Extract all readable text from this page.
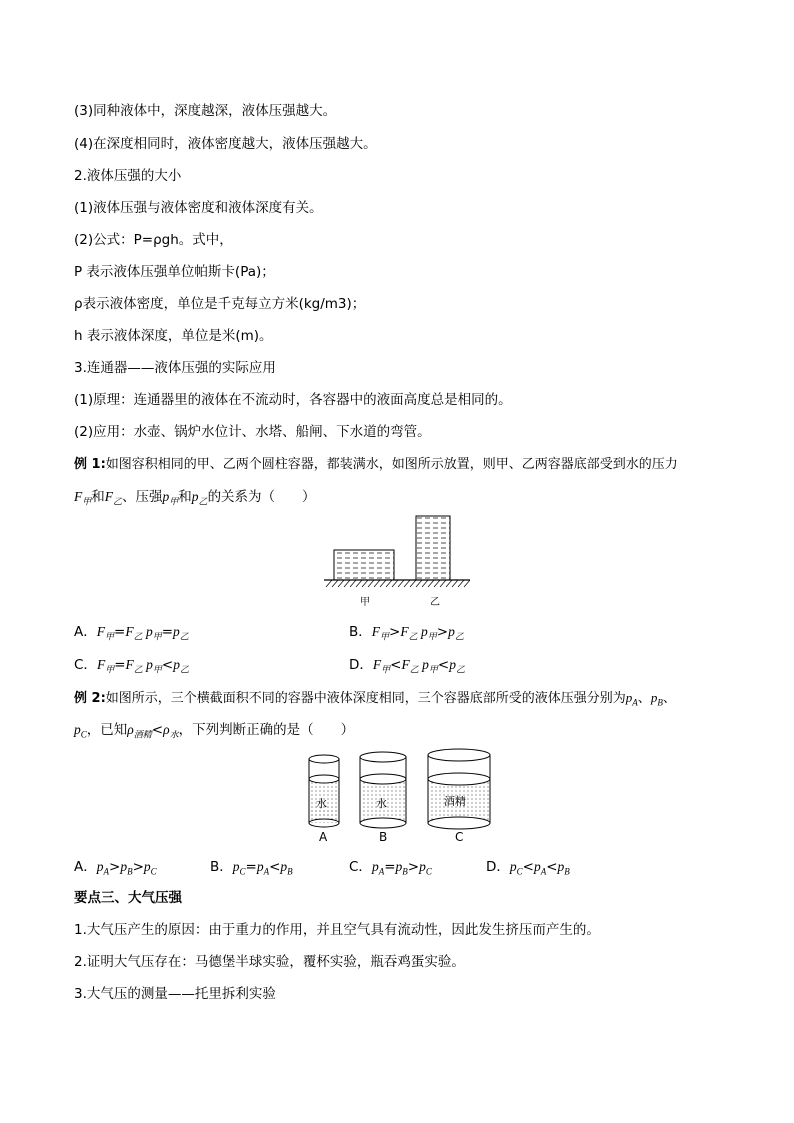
(3)同种液体中，深度越深，液体压强越大。
(4)在深度相同时，液体密度越大，液体压强越大。
2.液体压强的大小
(1)液体压强与液体密度和液体深度有关。
(2)公式：P=ρgh。式中，
P 表示液体压强单位帕斯卡(Pa)；
ρ表示液体密度，单位是千克每立方米(kg/m3)；
h 表示液体深度，单位是米(m)。
3.连通器——液体压强的实际应用
(1)原理：连通器里的液体在不流动时，各容器中的液面高度总是相同的。
(2)应用：水壶、锅炉水位计、水塔、船闸、下水道的弯管。
例 1:如图容积相同的甲、乙两个圆柱容器，都装满水，如图所示放置，则甲、乙两容器底部受到水的压力
$F_甲$和$F_乙$、压强$p_甲$和$p_乙$的关系为（　　）
甲	乙
A．$F_甲=F_乙$ $p_甲=p_乙$	B．$F_甲>F_乙$ $p_甲>p_乙$
C．$F_甲=F_乙$ $p_甲<p_乙$	D．$F_甲<F_乙$ $p_甲<p_乙$
例 2:如图所示，三个横截面积不同的容器中液体深度相同，三个容器底部所受的液体压强分别为$p_A$、$p_B$、
$p_C$，已知$\rho_{酒精}<\rho_水$，下列判断正确的是（　　）
水	水	酒精
A	B	C
A．$p_A>p_B>p_C$	B．$p_C=p_A<p_B$	C．$p_A=p_B>p_C$	D．$p_C<p_A<p_B$
要点三、大气压强
1.大气压产生的原因：由于重力的作用，并且空气具有流动性，因此发生挤压而产生的。
2.证明大气压存在：马德堡半球实验，覆杯实验，瓶吞鸡蛋实验。
3.大气压的测量——托里拆利实验
